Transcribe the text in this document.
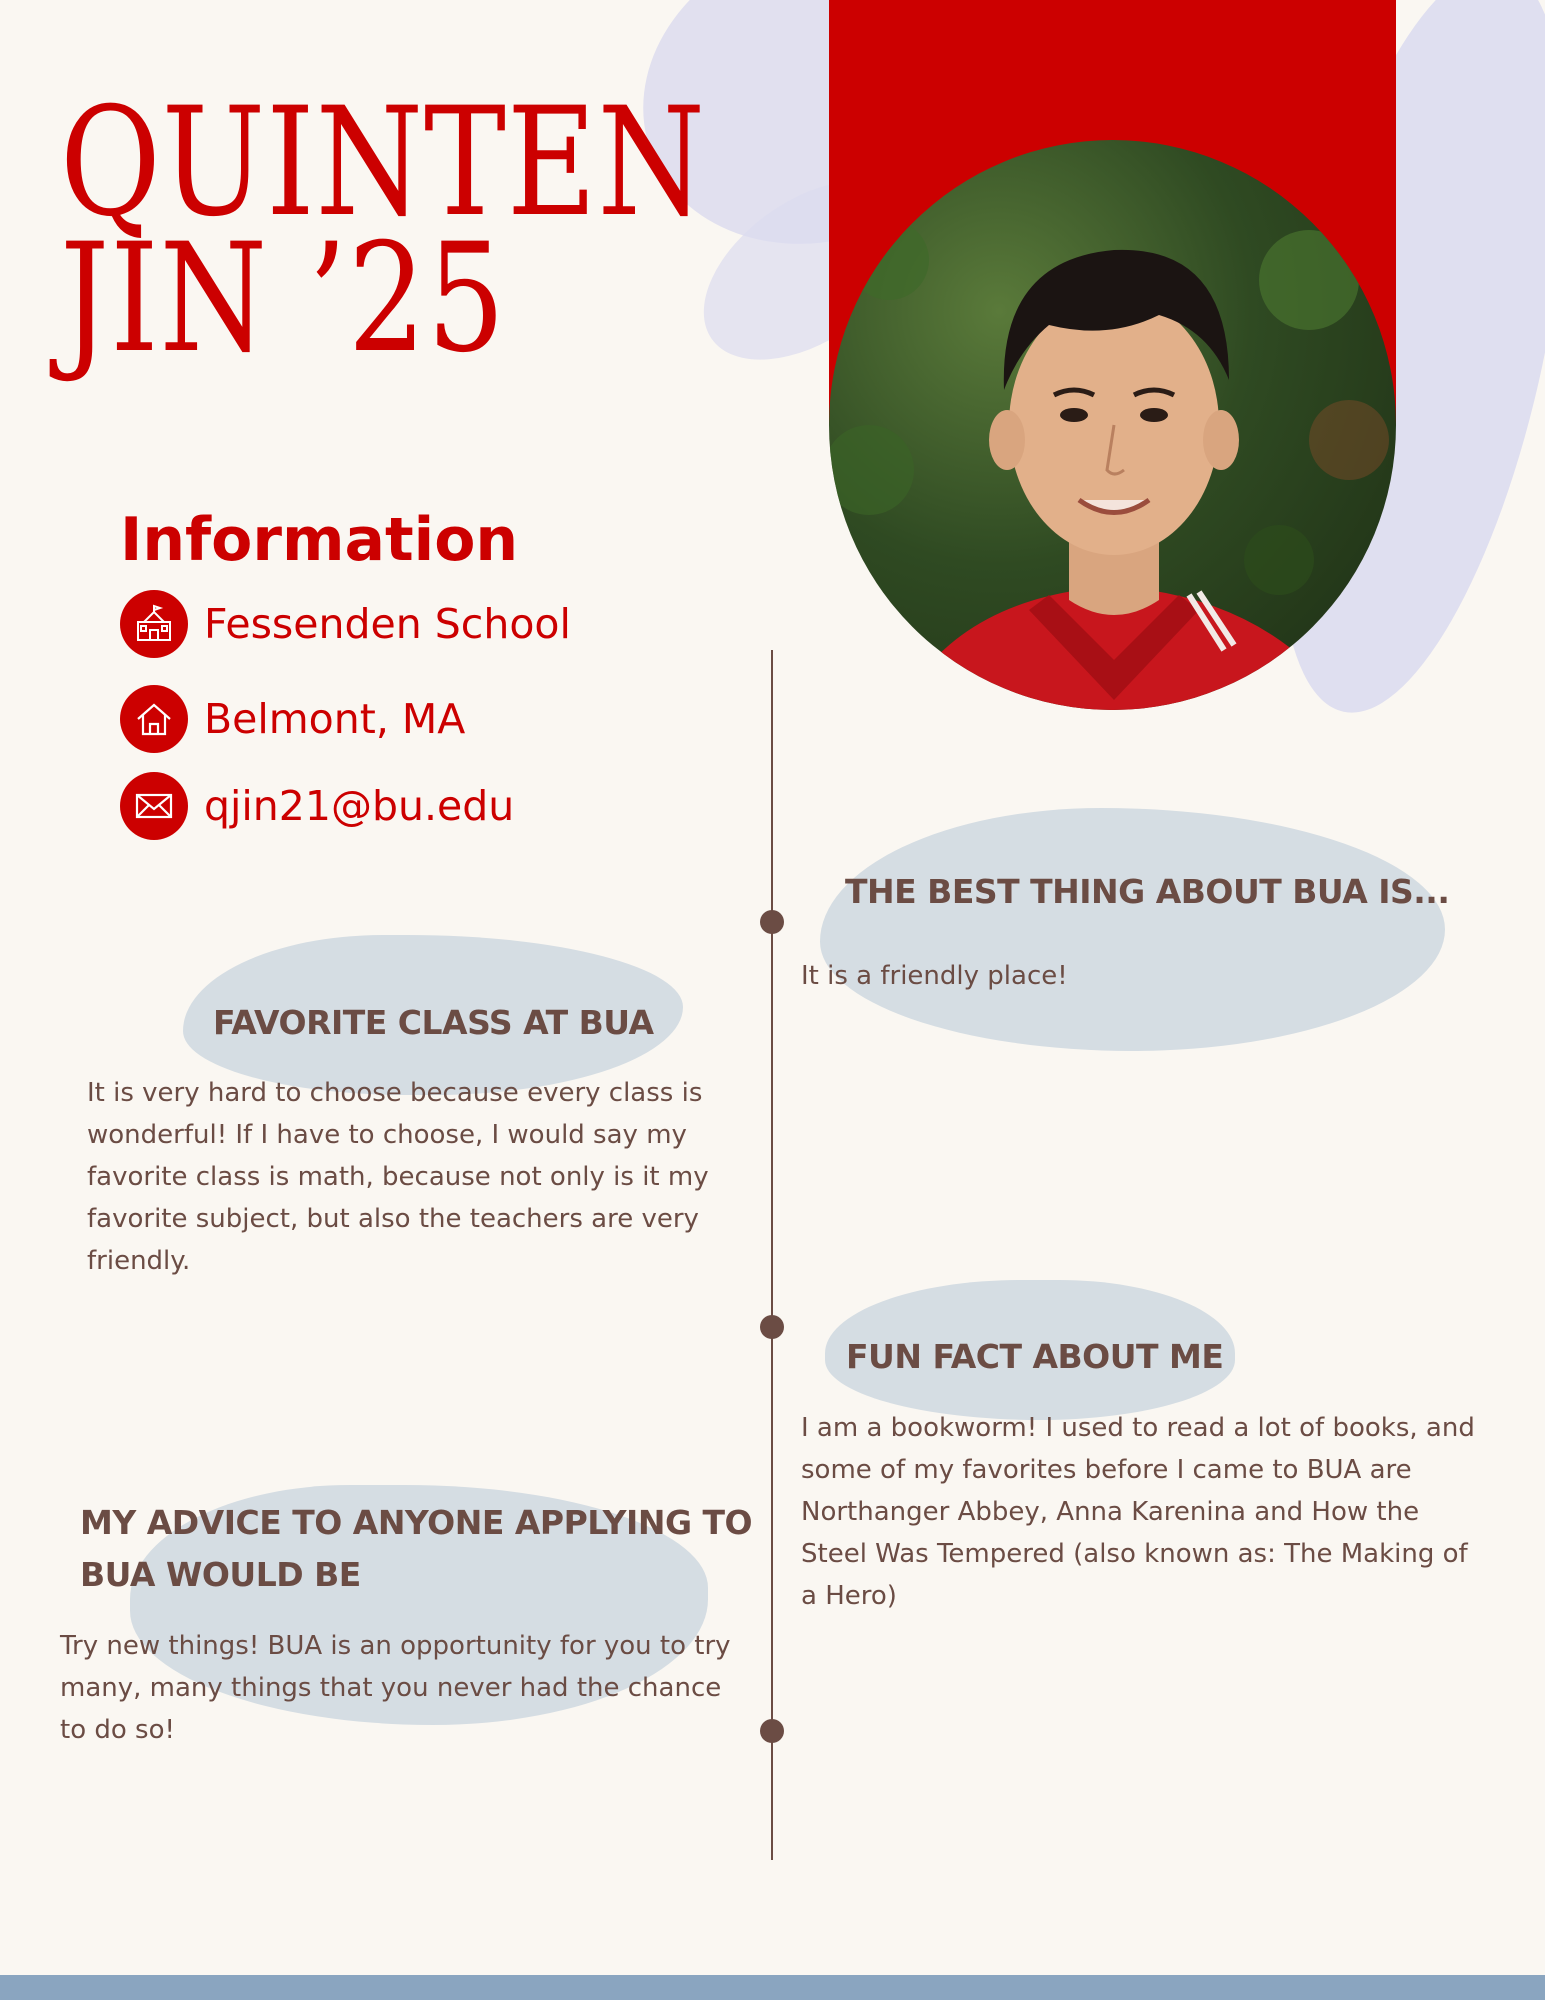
QUINTEN
JIN ’25
Information
Fessenden School
Belmont, MA
qjin21@bu.edu
THE BEST THING ABOUT BUA IS...

It is a friendly place!

FAVORITE CLASS AT BUA

It is very hard to choose because every class is wonderful! If I have to choose, I would say my favorite class is math, because not only is it my favorite subject, but also the teachers are very friendly.

FUN FACT ABOUT ME

I am a bookworm! I used to read a lot of books, and some of my favorites before I came to BUA are Northanger Abbey, Anna Karenina and How the Steel Was Tempered (also known as: The Making of a Hero)

MY ADVICE TO ANYONE APPLYING TO BUA WOULD BE

Try new things! BUA is an opportunity for you to try many, many things that you never had the chance to do so!
